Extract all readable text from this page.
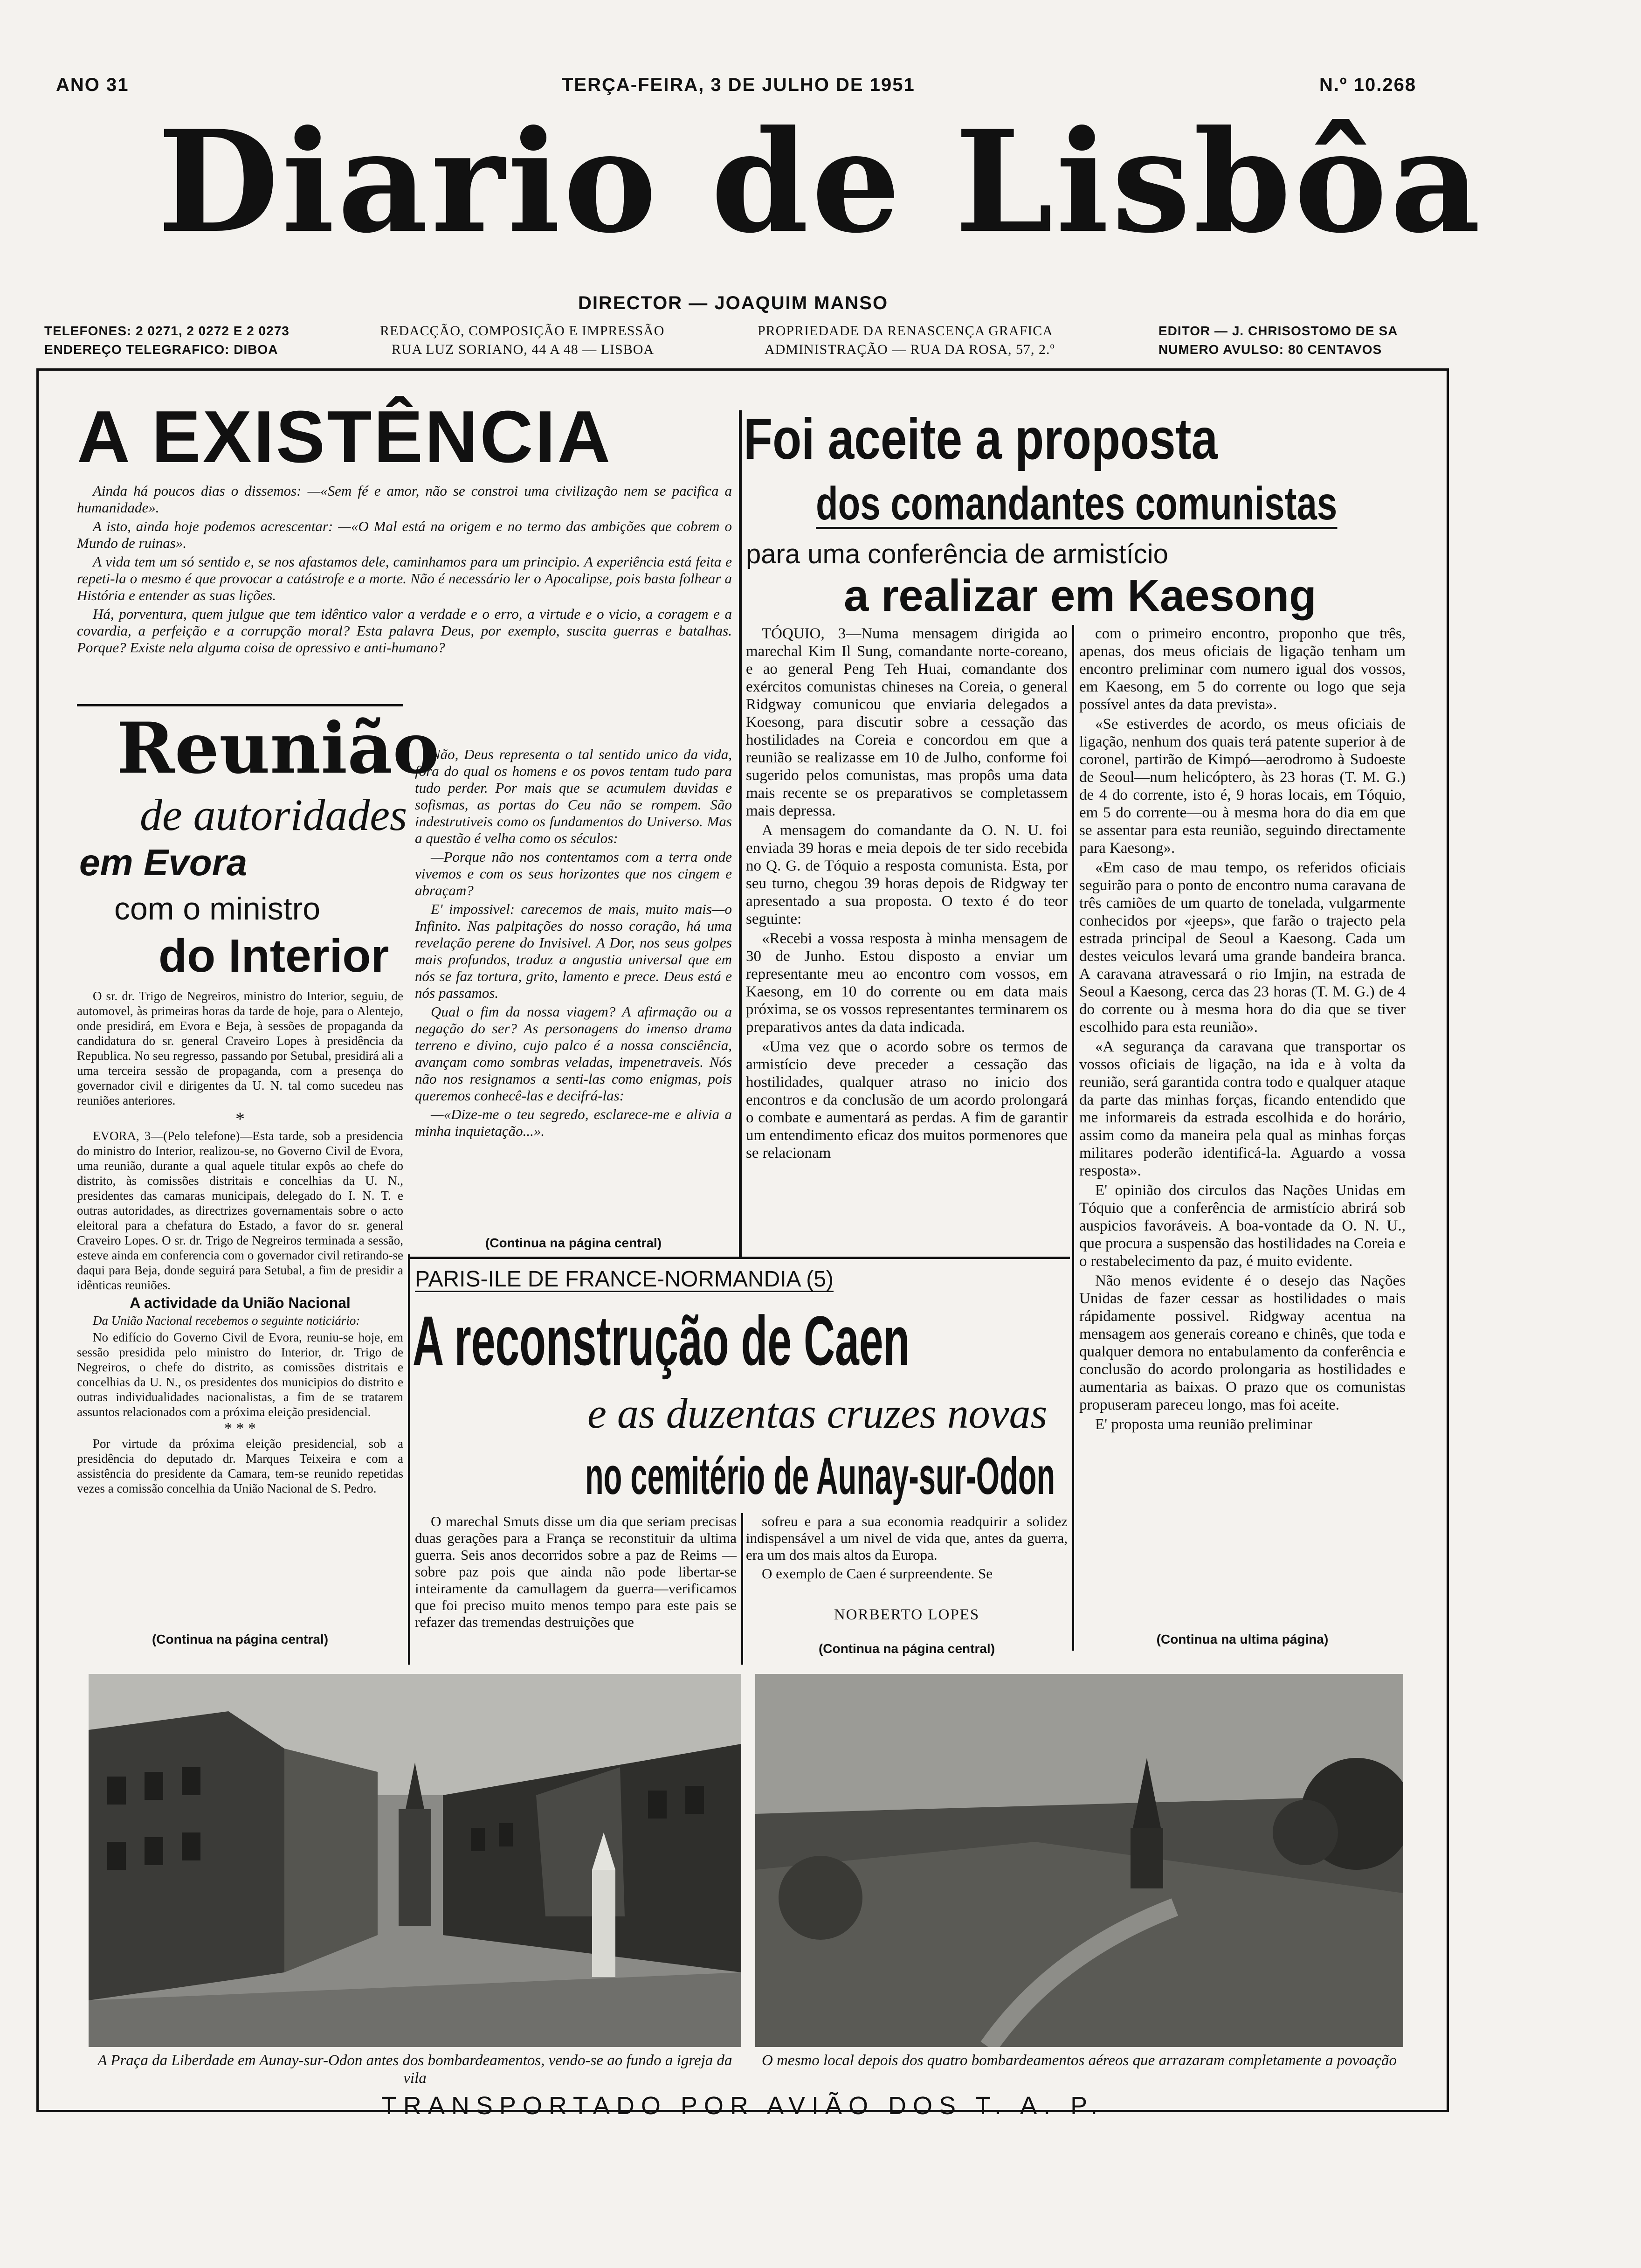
ANO 31	TERÇA-FEIRA, 3 DE JULHO DE 1951	N.º 10.268
Diario de Lisbôa
DIRECTOR — JOAQUIM MANSO
TELEFONES: 2 0271, 2 0272 E 2 0273
ENDEREÇO TELEGRAFICO: DIBOA
REDACÇÃO, COMPOSIÇÃO E IMPRESSÃO
RUA LUZ SORIANO, 44 A 48 — LISBOA
PROPRIEDADE DA RENASCENÇA GRAFICA
ADMINISTRAÇÃO — RUA DA ROSA, 57, 2.º
EDITOR — J. CHRISOSTOMO DE SA
NUMERO AVULSO: 80 CENTAVOS
A EXISTÊNCIA

Ainda há poucos dias o dissemos: —«Sem fé e amor, não se constroi uma civilização nem se pacifica a humanidade».

A isto, ainda hoje podemos acrescentar: —«O Mal está na origem e no termo das ambições que cobrem o Mundo de ruinas».

A vida tem um só sentido e, se nos afastamos dele, caminhamos para um principio. A experiência está feita e repeti-la o mesmo é que provocar a catástrofe e a morte. Não é necessário ler o Apocalipse, pois basta folhear a História e entender as suas lições.

Há, porventura, quem julgue que tem idêntico valor a verdade e o erro, a virtude e o vicio, a coragem e a covardia, a perfeição e a corrupção moral? Esta palavra Deus, por exemplo, suscita guerras e batalhas. Porque? Existe nela alguma coisa de opressivo e anti-humano?

Não, Deus representa o tal sentido unico da vida, fora do qual os homens e os povos tentam tudo para tudo perder. Por mais que se acumulem duvidas e sofismas, as portas do Ceu não se rompem. São indestrutiveis como os fundamentos do Universo. Mas a questão é velha como os séculos:

—Porque não nos contentamos com a terra onde vivemos e com os seus horizontes que nos cingem e abraçam?

E' impossivel: carecemos de mais, muito mais—o Infinito. Nas palpitações do nosso coração, há uma revelação perene do Invisivel. A Dor, nos seus golpes mais profundos, traduz a angustia universal que em nós se faz tortura, grito, lamento e prece. Deus está e nós passamos.

Qual o fim da nossa viagem? A afirmação ou a negação do ser? As personagens do imenso drama terreno e divino, cujo palco é a nossa consciência, avançam como sombras veladas, impenetraveis. Nós não nos resignamos a senti-las como enigmas, pois queremos conhecê-las e decifrá-las:

—«Dize-me o teu segredo, esclarece-me e alivia a minha inquietação...».

(Continua na página central)
Reunião
de autoridades
em Evora
com o ministro
do Interior

O sr. dr. Trigo de Negreiros, ministro do Interior, seguiu, de automovel, às primeiras horas da tarde de hoje, para o Alentejo, onde presidirá, em Evora e Beja, à sessões de propaganda da candidatura do sr. general Craveiro Lopes à presidência da Republica. No seu regresso, passando por Setubal, presidirá ali a uma terceira sessão de propaganda, com a presença do governador civil e dirigentes da U. N. tal como sucedeu nas reuniões anteriores.

*

EVORA, 3—(Pelo telefone)—Esta tarde, sob a presidencia do ministro do Interior, realizou-se, no Governo Civil de Evora, uma reunião, durante a qual aquele titular expôs ao chefe do distrito, às comissões distritais e concelhias da U. N., presidentes das camaras municipais, delegado do I. N. T. e outras autoridades, as directrizes governamentais sobre o acto eleitoral para a chefatura do Estado, a favor do sr. general Craveiro Lopes. O sr. dr. Trigo de Negreiros terminada a sessão, esteve ainda em conferencia com o governador civil retirando-se daqui para Beja, donde seguirá para Setubal, a fim de presidir a idênticas reuniões.

A actividade da União Nacional

Da União Nacional recebemos o seguinte noticiário:

No edifício do Governo Civil de Evora, reuniu-se hoje, em sessão presidida pelo ministro do Interior, dr. Trigo de Negreiros, o chefe do distrito, as comissões distritais e concelhias da U. N., os presidentes dos municipios do distrito e outras individualidades nacionalistas, a fim de se tratarem assuntos relacionados com a próxima eleição presidencial.

* * *

Por virtude da próxima eleição presidencial, sob a presidência do deputado dr. Marques Teixeira e com a assistência do presidente da Camara, tem-se reunido repetidas vezes a comissão concelhia da União Nacional de S. Pedro.

(Continua na página central)
Foi aceite a proposta
dos comandantes comunistas
para uma conferência de armistício
a realizar em Kaesong

TÓQUIO, 3—Numa mensagem dirigida ao marechal Kim Il Sung, comandante norte-coreano, e ao general Peng Teh Huai, comandante dos exércitos comunistas chineses na Coreia, o general Ridgway comunicou que enviaria delegados a Koesong, para discutir sobre a cessação das hostilidades na Coreia e concordou em que a reunião se realizasse em 10 de Julho, conforme foi sugerido pelos comunistas, mas propôs uma data mais recente se os preparativos se completassem mais depressa.

A mensagem do comandante da O. N. U. foi enviada 39 horas e meia depois de ter sido recebida no Q. G. de Tóquio a resposta comunista. Esta, por seu turno, chegou 39 horas depois de Ridgway ter apresentado a sua proposta. O texto é do teor seguinte:

«Recebi a vossa resposta à minha mensagem de 30 de Junho. Estou disposto a enviar um representante meu ao encontro com vossos, em Kaesong, em 10 do corrente ou em data mais próxima, se os vossos representantes terminarem os preparativos antes da data indicada.

«Uma vez que o acordo sobre os termos de armistício deve preceder a cessação das hostilidades, qualquer atraso no inicio dos encontros e da conclusão de um acordo prolongará o combate e aumentará as perdas. A fim de garantir um entendimento eficaz dos muitos pormenores que se relacionam

com o primeiro encontro, proponho que três, apenas, dos meus oficiais de ligação tenham um encontro preliminar com numero igual dos vossos, em Kaesong, em 5 do corrente ou logo que seja possível antes da data prevista».

«Se estiverdes de acordo, os meus oficiais de ligação, nenhum dos quais terá patente superior à de coronel, partirão de Kimpó—aerodromo à Sudoeste de Seoul—num helicóptero, às 23 horas (T. M. G.) de 4 do corrente, isto é, 9 horas locais, em Tóquio, em 5 do corrente—ou à mesma hora do dia em que se assentar para esta reunião, seguindo directamente para Kaesong».

«Em caso de mau tempo, os referidos oficiais seguirão para o ponto de encontro numa caravana de três camiões de um quarto de tonelada, vulgarmente conhecidos por «jeeps», que farão o trajecto pela estrada principal de Seoul a Kaesong. Cada um destes veiculos levará uma grande bandeira branca. A caravana atravessará o rio Imjin, na estrada de Seoul a Kaesong, cerca das 23 horas (T. M. G.) de 4 do corrente ou à mesma hora do dia que se tiver escolhido para esta reunião».

«A segurança da caravana que transportar os vossos oficiais de ligação, na ida e à volta da reunião, será garantida contra todo e qualquer ataque da parte das minhas forças, ficando entendido que me informareis da estrada escolhida e do horário, assim como da maneira pela qual as minhas forças militares poderão identificá-la. Aguardo a vossa resposta».

E' opinião dos circulos das Nações Unidas em Tóquio que a conferência de armistício abrirá sob auspicios favoráveis. A boa-vontade da O. N. U., que procura a suspensão das hostilidades na Coreia e o restabelecimento da paz, é muito evidente.

Não menos evidente é o desejo das Nações Unidas de fazer cessar as hostilidades o mais rápidamente possivel. Ridgway acentua na mensagem aos generais coreano e chinês, que toda e qualquer demora no entabulamento da conferência e conclusão do acordo prolongaria as hostilidades e aumentaria as baixas. O prazo que os comunistas propuseram pareceu longo, mas foi aceite.

E' proposta uma reunião preliminar

(Continua na ultima página)
PARIS-ILE DE FRANCE-NORMANDIA (5)
A reconstrução de Caen
e as duzentas cruzes novas
no cemitério de Aunay-sur-Odon

O marechal Smuts disse um dia que seriam precisas duas gerações para a França se reconstituir da ultima guerra. Seis anos decorridos sobre a paz de Reims — sobre paz pois que ainda não pode libertar-se inteiramente da camullagem da guerra—verificamos que foi preciso muito menos tempo para este pais se refazer das tremendas destruições que

sofreu e para a sua economia readquirir a solidez indispensável a um nivel de vida que, antes da guerra, era um dos mais altos da Europa.

O exemplo de Caen é surpreendente. Se

NORBERTO LOPES
(Continua na página central)
A Praça da Liberdade em Aunay-sur-Odon antes dos bombardeamentos, vendo-se ao fundo a igreja da vila
O mesmo local depois dos quatro bombardeamentos aéreos que arrazaram completamente a povoação
TRANSPORTADO POR AVIÃO DOS T. A. P.
